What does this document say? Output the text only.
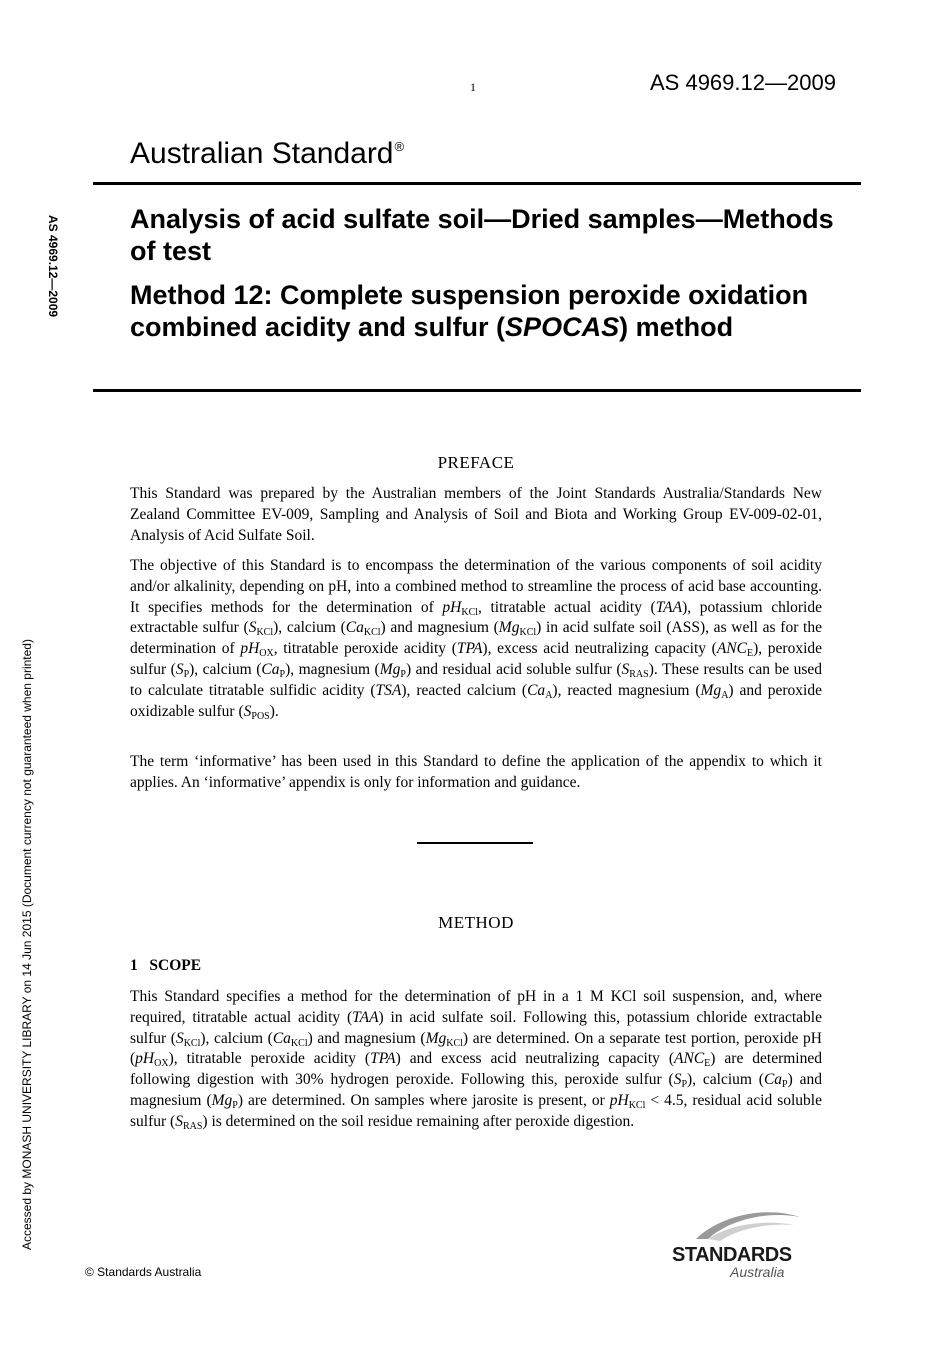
1	AS 4969.12—2009
Australian Standard®
Analysis of acid sulfate soil—Dried samples—Methods of test
Method 12: Complete suspension peroxide oxidation combined acidity and sulfur (SPOCAS) method
AS 4969.12—2009
Accessed by MONASH UNIVERSITY LIBRARY on 14 Jun 2015 (Document currency not guaranteed when printed)
PREFACE
This Standard was prepared by the Australian members of the Joint Standards Australia/Standards New Zealand Committee EV-009, Sampling and Analysis of Soil and Biota and Working Group EV-009-02-01, Analysis of Acid Sulfate Soil.
The objective of this Standard is to encompass the determination of the various components of soil acidity and/or alkalinity, depending on pH, into a combined method to streamline the process of acid base accounting. It specifies methods for the determination of $pH_{KCl}$, titratable actual acidity (TAA), potassium chloride extractable sulfur $(S_{KCl})$, calcium $(Ca_{KCl})$ and magnesium $(Mg_{KCl})$ in acid sulfate soil (ASS), as well as for the determination of $pH_{OX}$, titratable peroxide acidity (TPA), excess acid neutralizing capacity $(ANC_E)$, peroxide sulfur $(S_P)$, calcium $(Ca_P)$, magnesium $(Mg_P)$ and residual acid soluble sulfur $(S_{RAS})$. These results can be used to calculate titratable sulfidic acidity (TSA), reacted calcium $(Ca_A)$, reacted magnesium $(Mg_A)$ and peroxide oxidizable sulfur $(S_{POS})$.
The term ‘informative’ has been used in this Standard to define the application of the appendix to which it applies. An ‘informative’ appendix is only for information and guidance.
METHOD
1   SCOPE
This Standard specifies a method for the determination of pH in a 1 M KCl soil suspension, and, where required, titratable actual acidity (TAA) in acid sulfate soil. Following this, potassium chloride extractable sulfur $(S_{KCl})$, calcium $(Ca_{KCl})$ and magnesium $(Mg_{KCl})$ are determined. On a separate test portion, peroxide pH $(pH_{OX})$, titratable peroxide acidity (TPA) and excess acid neutralizing capacity $(ANC_E)$ are determined following digestion with 30% hydrogen peroxide. Following this, peroxide sulfur $(S_P)$, calcium $(Ca_P)$ and magnesium $(Mg_P)$ are determined. On samples where jarosite is present, or $pH_{KCl} < 4.5$, residual acid soluble sulfur $(S_{RAS})$ is determined on the soil residue remaining after peroxide digestion.
© Standards Australia
STANDARDS
Australia
